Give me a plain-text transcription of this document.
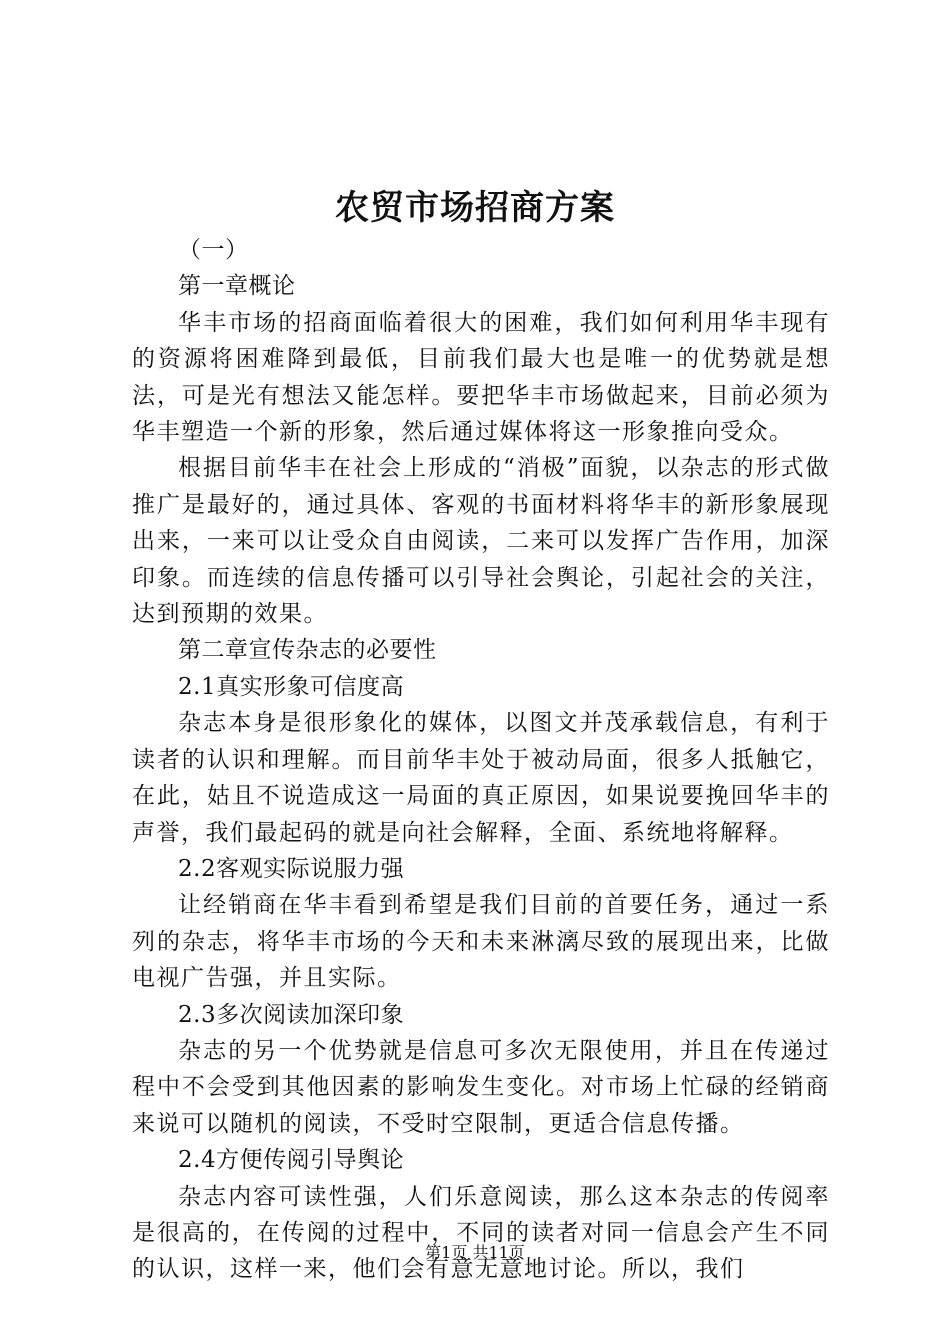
农贸市场招商方案

（一）

第一章概论

华丰市场的招商面临着很大的困难，我们如何利用华丰现有的资源将困难降到最低，目前我们最大也是唯一的优势就是想法，可是光有想法又能怎样。要把华丰市场做起来，目前必须为华丰塑造一个新的形象，然后通过媒体将这一形象推向受众。

根据目前华丰在社会上形成的“消极”面貌，以杂志的形式做推广是最好的，通过具体、客观的书面材料将华丰的新形象展现出来，一来可以让受众自由阅读，二来可以发挥广告作用，加深印象。而连续的信息传播可以引导社会舆论，引起社会的关注，达到预期的效果。

第二章宣传杂志的必要性

2.1真实形象可信度高

杂志本身是很形象化的媒体，以图文并茂承载信息，有利于读者的认识和理解。而目前华丰处于被动局面，很多人抵触它，在此，姑且不说造成这一局面的真正原因，如果说要挽回华丰的声誉，我们最起码的就是向社会解释，全面、系统地将解释。

2.2客观实际说服力强

让经销商在华丰看到希望是我们目前的首要任务，通过一系列的杂志，将华丰市场的今天和未来淋漓尽致的展现出来，比做电视广告强，并且实际。

2.3多次阅读加深印象

杂志的另一个优势就是信息可多次无限使用，并且在传递过程中不会受到其他因素的影响发生变化。对市场上忙碌的经销商来说可以随机的阅读，不受时空限制，更适合信息传播。

2.4方便传阅引导舆论

杂志内容可读性强，人们乐意阅读，那么这本杂志的传阅率是很高的，在传阅的过程中，不同的读者对同一信息会产生不同的认识，这样一来，他们会有意无意地讨论。所以，我们

第1页 共11页
